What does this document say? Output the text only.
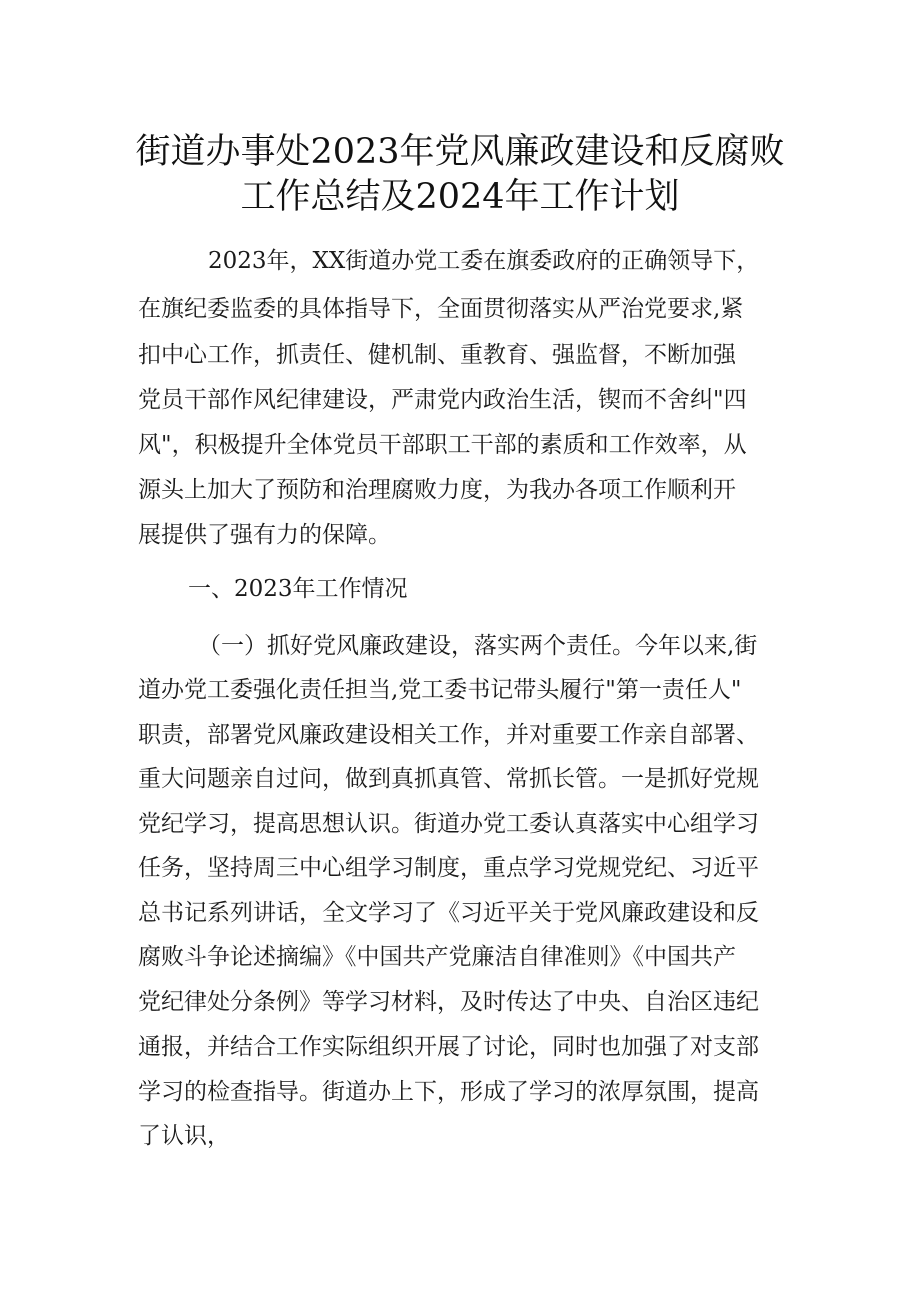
街道办事处2023年党风廉政建设和反腐败
工作总结及2024年工作计划
2023年，XX街道办党工委在旗委政府的正确领导下，
在旗纪委监委的具体指导下，全面贯彻落实从严治党要求,紧
扣中心工作，抓责任、健机制、重教育、强监督，不断加强
党员干部作风纪律建设，严肃党内政治生活，锲而不舍纠"四
风"，积极提升全体党员干部职工干部的素质和工作效率，从
源头上加大了预防和治理腐败力度，为我办各项工作顺利开
展提供了强有力的保障。
一、2023年工作情况
（一）抓好党风廉政建设，落实两个责任。今年以来,街
道办党工委强化责任担当,党工委书记带头履行"第一责任人"
职责，部署党风廉政建设相关工作，并对重要工作亲自部署、
重大问题亲自过问，做到真抓真管、常抓长管。一是抓好党规
党纪学习，提高思想认识。街道办党工委认真落实中心组学习
任务，坚持周三中心组学习制度，重点学习党规党纪、习近平
总书记系列讲话，全文学习了《习近平关于党风廉政建设和反
腐败斗争论述摘编》《中国共产党廉洁自律准则》《中国共产
党纪律处分条例》等学习材料，及时传达了中央、自治区违纪
通报，并结合工作实际组织开展了讨论，同时也加强了对支部
学习的检查指导。街道办上下，形成了学习的浓厚氛围，提高
了认识，
